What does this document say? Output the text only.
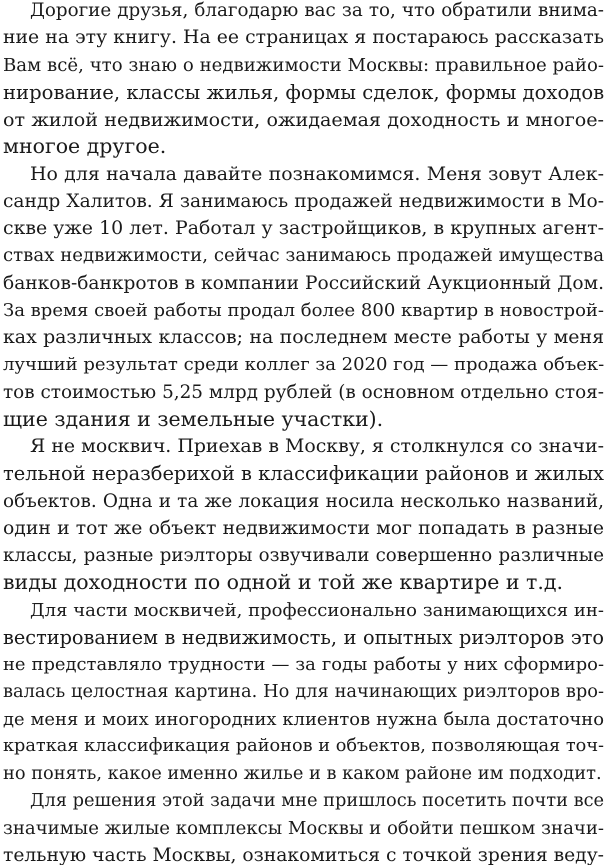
Дорогие друзья, благодарю вас за то, что обратили внима-
ние на эту книгу. На ее страницах я постараюсь рассказать
Вам всё, что знаю о недвижимости Москвы: правильное райо-
нирование, классы жилья, формы сделок, формы доходов
от жилой недвижимости, ожидаемая доходность и многое-
многое другое.
Но для начала давайте познакомимся. Меня зовут Алек-
сандр Халитов. Я занимаюсь продажей недвижимости в Мо-
скве уже 10 лет. Работал у застройщиков, в крупных агент-
ствах недвижимости, сейчас занимаюсь продажей имущества
банков-банкротов в компании Российский Аукционный Дом.
За время своей работы продал более 800 квартир в новострой-
ках различных классов; на последнем месте работы у меня
лучший результат среди коллег за 2020 год — продажа объек-
тов стоимостью 5,25 млрд рублей (в основном отдельно стоя-
щие здания и земельные участки).
Я не москвич. Приехав в Москву, я столкнулся со значи-
тельной неразберихой в классификации районов и жилых
объектов. Одна и та же локация носила несколько названий,
один и тот же объект недвижимости мог попадать в разные
классы, разные риэлторы озвучивали совершенно различные
виды доходности по одной и той же квартире и т.д.
Для части москвичей, профессионально занимающихся ин-
вестированием в недвижимость, и опытных риэлторов это
не представляло трудности — за годы работы у них сформиро-
валась целостная картина. Но для начинающих риэлторов вро-
де меня и моих иногородних клиентов нужна была достаточно
краткая классификация районов и объектов, позволяющая точ-
но понять, какое именно жилье и в каком районе им подходит.
Для решения этой задачи мне пришлось посетить почти все
значимые жилые комплексы Москвы и обойти пешком значи-
тельную часть Москвы, ознакомиться с точкой зрения веду-
